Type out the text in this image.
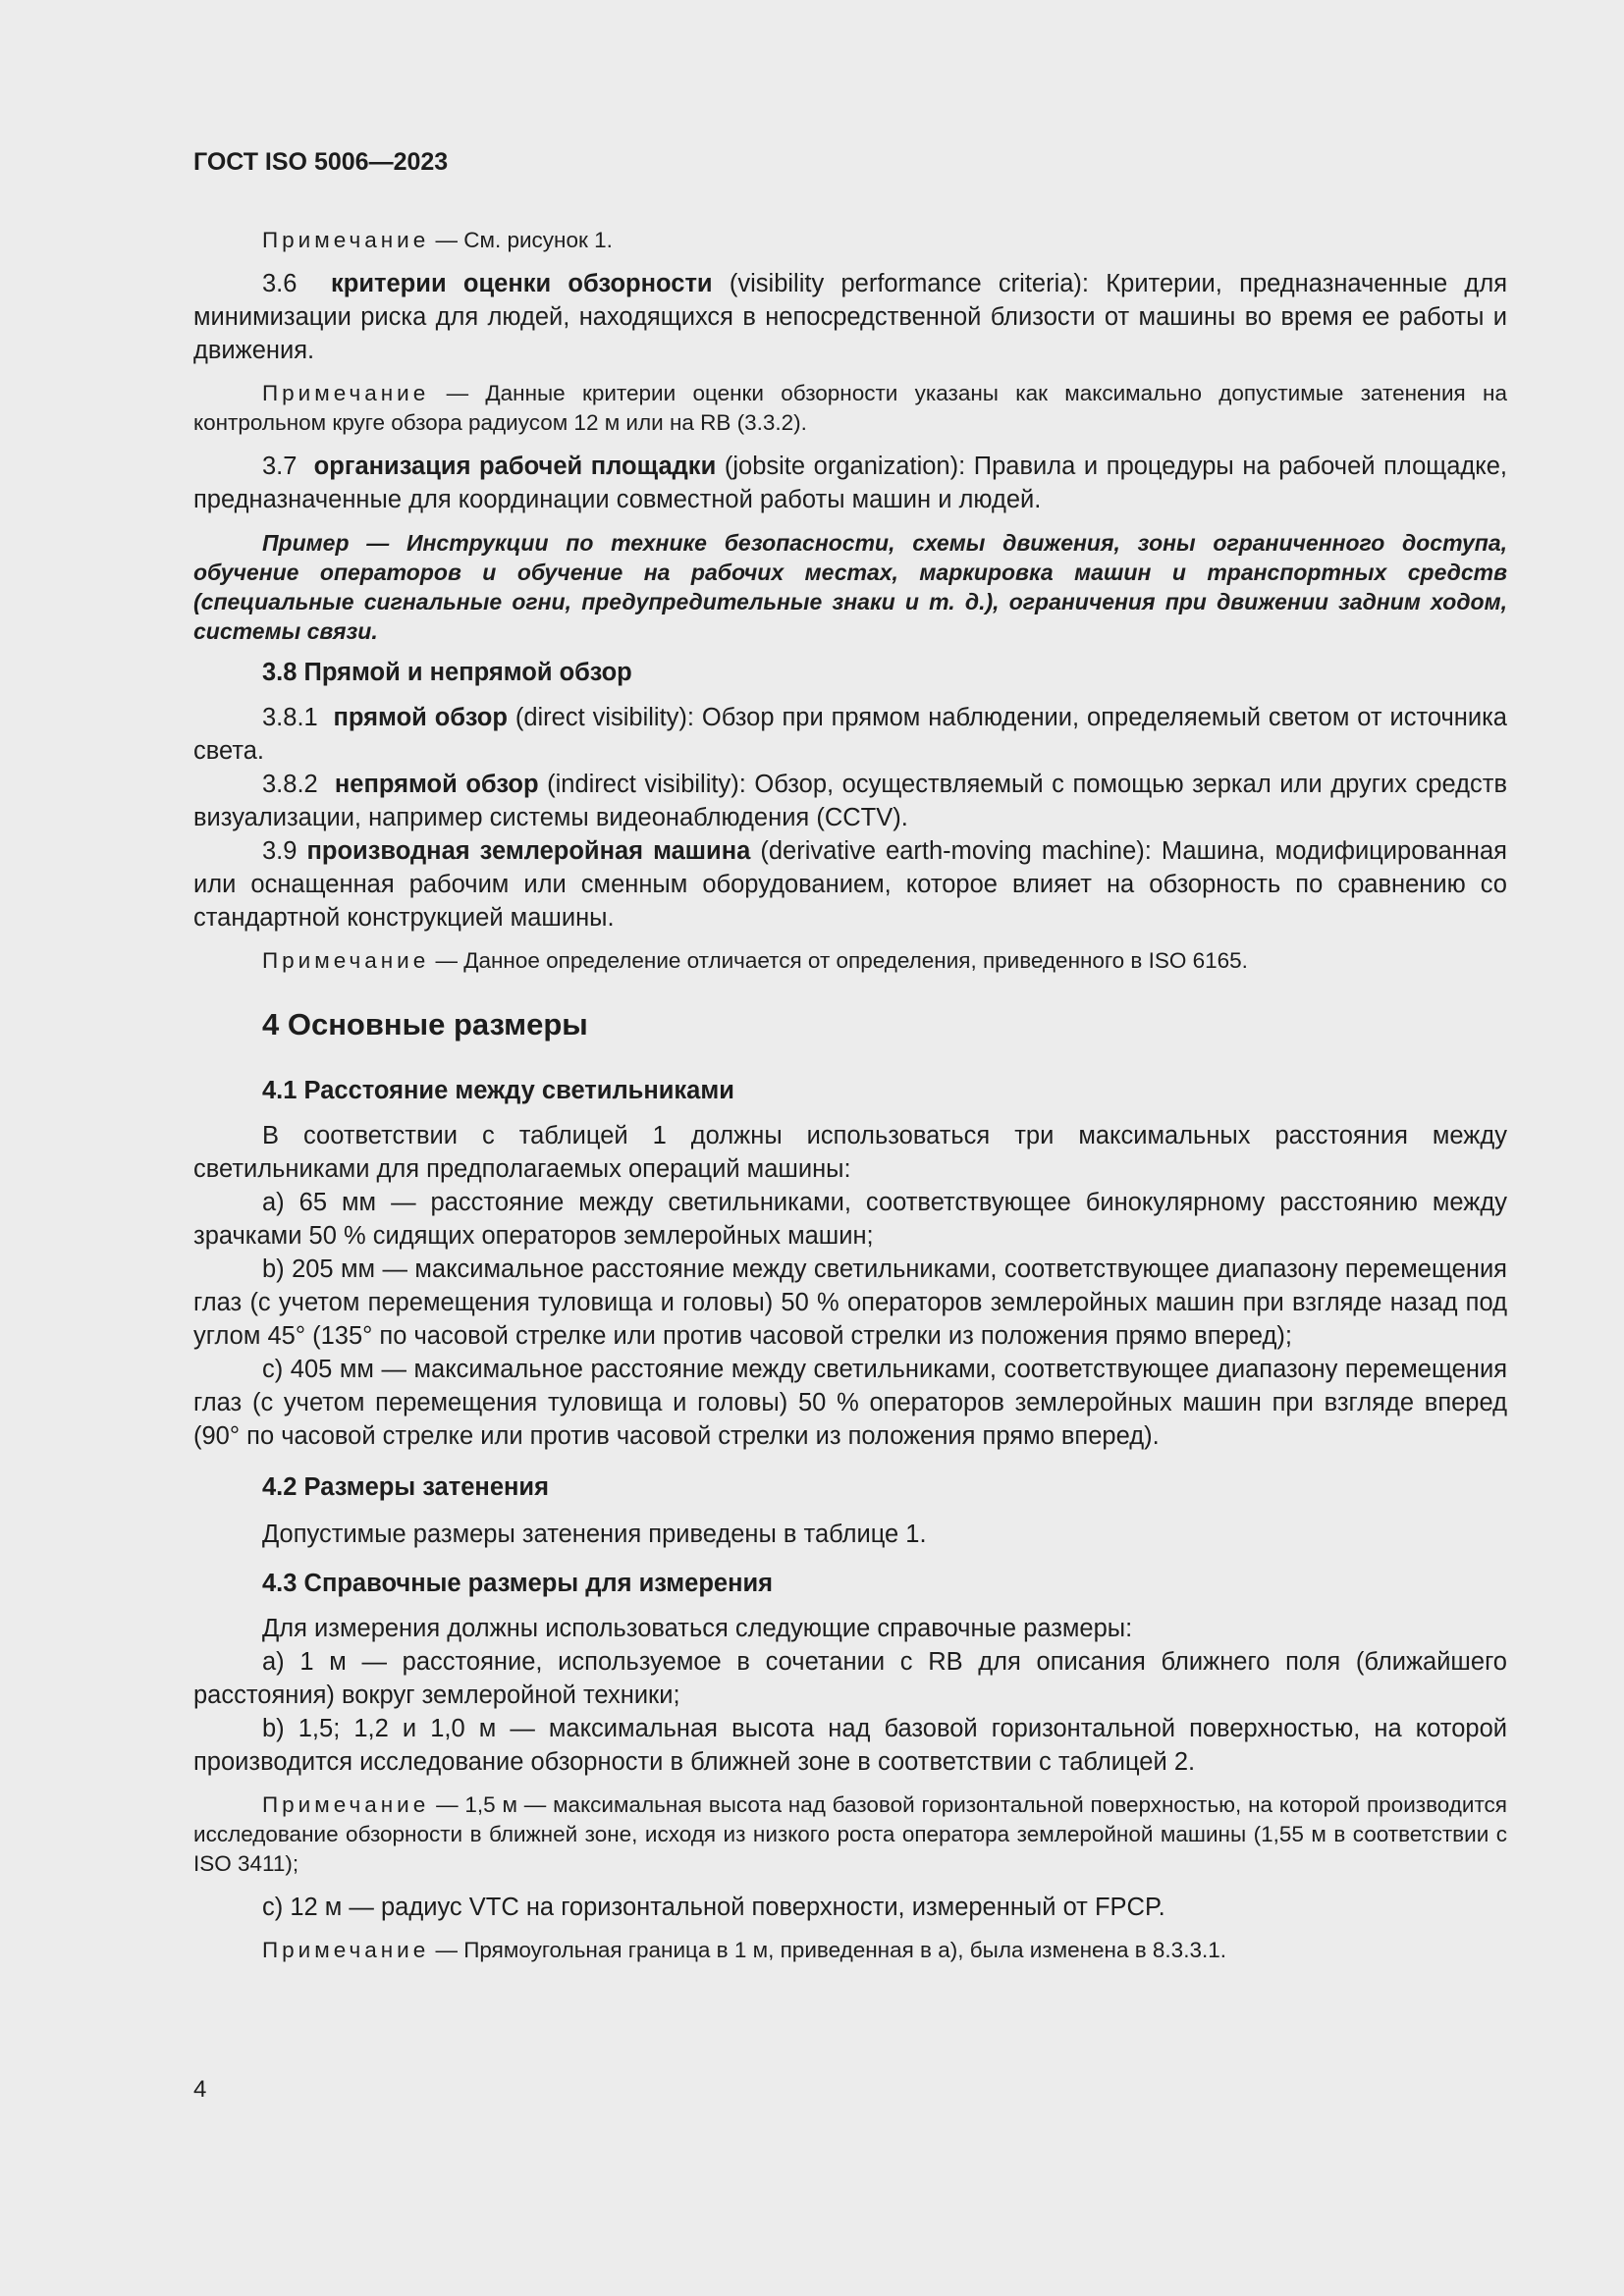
ГОСТ ISO 5006—2023

Примечание — См. рисунок 1.

3.6 критерии оценки обзорности (visibility performance criteria): Критерии, предназначенные для минимизации риска для людей, находящихся в непосредственной близости от машины во время ее работы и движения.

Примечание — Данные критерии оценки обзорности указаны как максимально допустимые затенения на контрольном круге обзора радиусом 12 м или на RB (3.3.2).

3.7 организация рабочей площадки (jobsite organization): Правила и процедуры на рабочей площадке, предназначенные для координации совместной работы машин и людей.

Пример — Инструкции по технике безопасности, схемы движения, зоны ограниченного доступа, обучение операторов и обучение на рабочих местах, маркировка машин и транспортных средств (специальные сигнальные огни, предупредительные знаки и т. д.), ограничения при движении задним ходом, системы связи.

3.8 Прямой и непрямой обзор

3.8.1 прямой обзор (direct visibility): Обзор при прямом наблюдении, определяемый светом от источника света.

3.8.2 непрямой обзор (indirect visibility): Обзор, осуществляемый с помощью зеркал или других средств визуализации, например системы видеонаблюдения (CCTV).

3.9 производная землеройная машина (derivative earth-moving machine): Машина, модифицированная или оснащенная рабочим или сменным оборудованием, которое влияет на обзорность по сравнению со стандартной конструкцией машины.

Примечание — Данное определение отличается от определения, приведенного в ISO 6165.

4 Основные размеры
4.1 Расстояние между светильниками

В соответствии с таблицей 1 должны использоваться три максимальных расстояния между светильниками для предполагаемых операций машины:

a) 65 мм — расстояние между светильниками, соответствующее бинокулярному расстоянию между зрачками 50 % сидящих операторов землеройных машин;

b) 205 мм — максимальное расстояние между светильниками, соответствующее диапазону перемещения глаз (с учетом перемещения туловища и головы) 50 % операторов землеройных машин при взгляде назад под углом 45° (135° по часовой стрелке или против часовой стрелки из положения прямо вперед);

c) 405 мм — максимальное расстояние между светильниками, соответствующее диапазону перемещения глаз (с учетом перемещения туловища и головы) 50 % операторов землеройных машин при взгляде вперед (90° по часовой стрелке или против часовой стрелки из положения прямо вперед).

4.2 Размеры затенения

Допустимые размеры затенения приведены в таблице 1.

4.3 Справочные размеры для измерения

Для измерения должны использоваться следующие справочные размеры:

a) 1 м — расстояние, используемое в сочетании с RB для описания ближнего поля (ближайшего расстояния) вокруг землеройной техники;

b) 1,5; 1,2 и 1,0 м — максимальная высота над базовой горизонтальной поверхностью, на которой производится исследование обзорности в ближней зоне в соответствии с таблицей 2.

Примечание — 1,5 м — максимальная высота над базовой горизонтальной поверхностью, на которой производится исследование обзорности в ближней зоне, исходя из низкого роста оператора землеройной машины (1,55 м в соответствии с ISO 3411);

c) 12 м — радиус VTC на горизонтальной поверхности, измеренный от FPCP.

Примечание — Прямоугольная граница в 1 м, приведенная в а), была изменена в 8.3.3.1.

4
